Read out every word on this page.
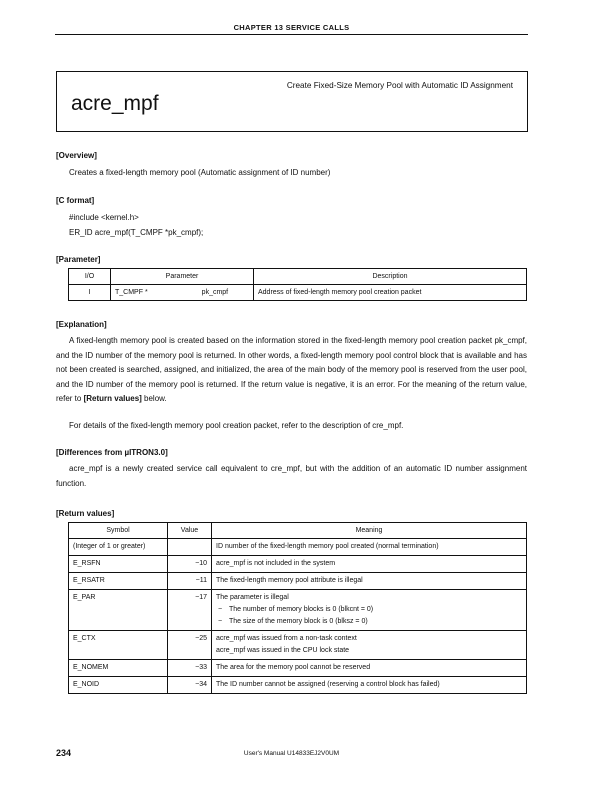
CHAPTER 13 SERVICE CALLS
acre_mpf
Create Fixed-Size Memory Pool with Automatic ID Assignment
[Overview]
Creates a fixed-length memory pool (Automatic assignment of ID number)
[C format]
#include <kernel.h>
ER_ID acre_mpf(T_CMPF *pk_cmpf);
[Parameter]
I/O	Parameter	Description
I	T_CMPF * pk_cmpf	Address of fixed-length memory pool creation packet
[Explanation]
A fixed-length memory pool is created based on the information stored in the fixed-length memory pool creation packet pk_cmpf, and the ID number of the memory pool is returned. In other words, a fixed-length memory pool control block that is available and has not been created is searched, assigned, and initialized, the area of the main body of the memory pool is reserved from the user pool, and the ID number of the memory pool is returned. If the return value is negative, it is an error. For the meaning of the return value, refer to [Return values] below.
For details of the fixed-length memory pool creation packet, refer to the description of cre_mpf.
[Differences from µITRON3.0]
acre_mpf is a newly created service call equivalent to cre_mpf, but with the addition of an automatic ID number assignment function.
[Return values]
Symbol	Value	Meaning
(Integer of 1 or greater)		ID number of the fixed-length memory pool created (normal termination)
E_RSFN	−10	acre_mpf is not included in the system
E_RSATR	−11	The fixed-length memory pool attribute is illegal
E_PAR	−17	The parameter is illegal
− The number of memory blocks is 0 (blkcnt = 0)
− The size of the memory block is 0 (blksz = 0)

E_CTX	−25	acre_mpf was issued from a non-task context
acre_mpf was issued in the CPU lock state

E_NOMEM	−33	The area for the memory pool cannot be reserved
E_NOID	−34	The ID number cannot be assigned (reserving a control block has failed)
User's Manual U14833EJ2V0UM
234
